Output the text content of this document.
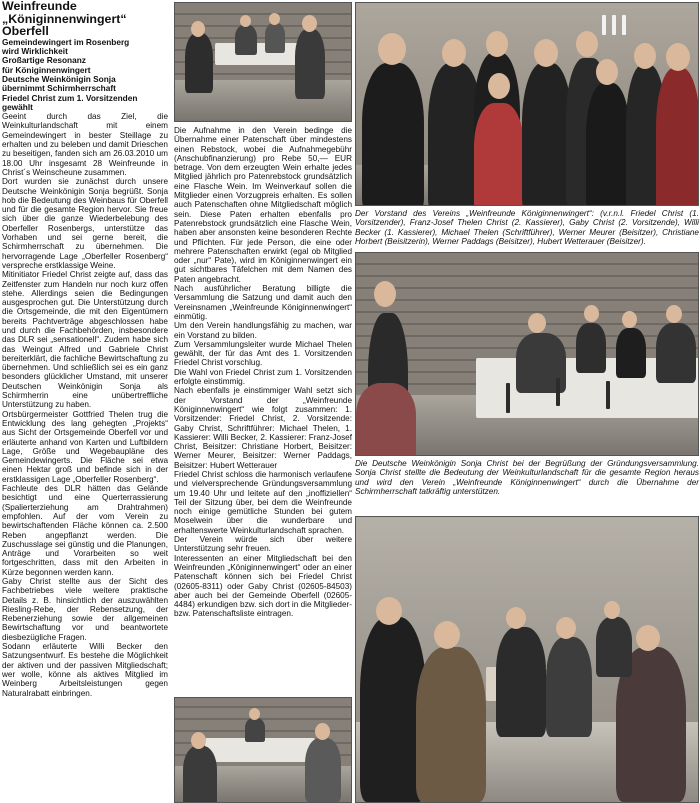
Weinfreunde
„Königinnenwingert“ Oberfell
Gemeindewingert im Rosenberg
wird Wirklichkeit
Großartige Resonanz
für Königinnenwingert
Deutsche Weinkönigin Sonja
übernimmt Schirmherrschaft
Friedel Christ zum 1. Vorsitzenden
gewählt

Geeint durch das Ziel, die Weinkulturlandschaft mit einem Gemeindewingert in bester Steillage zu erhalten und zu beleben und damit Drieschen zu beseitigen, fanden sich am 26.03.2010 um 18.00 Uhr insgesamt 28 Weinfreunde in Christ´s Weinscheune zusammen.

Dort wurden sie zunächst durch unsere Deutsche Weinkönigin Sonja begrüßt. Sonja hob die Bedeutung des Weinbaus für Oberfell und für die gesamte Region hervor. Sie freue sich über die ganze Wiederbelebung des Oberfeller Rosenbergs, unterstütze das Vorhaben und sei gerne bereit, die Schirmherrschaft zu übernehmen. Die hervorragende Lage „Oberfeller Rosenberg“ verspreche erstklassige Weine.

Mitinitiator Friedel Christ zeigte auf, dass das Zeitfenster zum Handeln nur noch kurz offen stehe. Allerdings seien die Bedingungen ausgesprochen gut. Die Unterstützung durch die Ortsgemeinde, die mit den Eigentümern bereits Pachtverträge abgeschlossen habe und durch die Fachbehörden, insbesondere das DLR sei „sensationell“. Zudem habe sich das Weingut Alfred und Gabriele Christ bereiterklärt, die fachliche Bewirtschaftung zu übernehmen. Und schließlich sei es ein ganz besonders glücklicher Umstand, mit unserer Deutschen Weinkönigin Sonja als Schirmherrin eine unübertreffliche Unterstützung zu haben.

Ortsbürgermeister Gottfried Thelen trug die Entwicklung des lang gehegten „Projekts“ aus Sicht der Ortsgemeinde Oberfell vor und erläuterte anhand von Karten und Luftbildern Lage, Größe und Wegebaupläne des Gemeindewingerts. Die Fläche sei etwa einen Hektar groß und befinde sich in der erstklassigen Lage „Oberfeller Rosenberg“.

Fachleute des DLR hätten das Gelände besichtigt und eine Querterrassierung (Spalierterziehung am Drahtrahmen) empfohlen. Auf der vom Verein zu bewirtschaftenden Fläche können ca. 2.500 Reben angepflanzt werden. Die Zuschusslage sei günstig und die Planungen, Anträge und Vorarbeiten so weit fortgeschritten, dass mit den Arbeiten in Kürze begonnen werden kann.

Gaby Christ stellte aus der Sicht des Fachbetriebes viele weitere praktische Details z. B. hinsichtlich der auszuwählten Riesling-Rebe, der Rebensetzung, der Rebenerziehung sowie der allgemeinen Bewirtschaftung vor und beantwortete diesbezügliche Fragen.

Sodann erläuterte Willi Becker den Satzungsentwurf. Es bestehe die Möglichkeit der aktiven und der passiven Mitgliedschaft; wer wolle, könne als aktives Mitglied im Weinberg Arbeitsleistungen gegen Naturalrabatt einbringen.

Die Aufnahme in den Verein bedinge die Übernahme einer Patenschaft über mindestens einen Rebstock, wobei die Aufnahmegebühr (Anschubfinanzierung) pro Rebe 50,— EUR betrage. Von dem erzeugten Wein erhalte jedes Mitglied jährlich pro Patenrebstock grundsätzlich eine Flasche Wein. Im Weinverkauf sollen die Mitglieder einen Vorzugpreis erhalten. Es sollen auch Patenschaften ohne Mitgliedschaft möglich sein. Diese Paten erhalten ebenfalls pro Patenrebstock grundsätzlich eine Flasche Wein, haben aber ansonsten keine besonderen Rechte und Pflichten. Für jede Person, die eine oder mehrere Patenschaften erwirkt (egal ob Mitglied oder „nur“ Pate), wird im Königinnenwingert ein gut sichtbares Täfelchen mit dem Namen des Paten angebracht.

Nach ausführlicher Beratung billigte die Versammlung die Satzung und damit auch den Vereinsnamen „Weinfreunde Königinnenwingert“ einmütig.

Um den Verein handlungsfähig zu machen, war ein Vorstand zu bilden.

Zum Versammlungsleiter wurde Michael Thelen gewählt, der für das Amt des 1. Vorsitzenden Friedel Christ vorschlug.

Die Wahl von Friedel Christ zum 1. Vorsitzenden erfolgte einstimmig.

Nach ebenfalls je einstimmiger Wahl setzt sich der Vorstand der „Weinfreunde Königinnenwingert“ wie folgt zusammen: 1. Vorsitzender: Friedel Christ, 2. Vorsitzende: Gaby Christ, Schriftführer: Michael Thelen, 1. Kassierer: Willi Becker, 2. Kassierer: Franz-Josef Christ, Beisitzer: Christiane Horbert, Beisitzer: Werner Meurer, Beisitzer: Werner Paddags, Beisitzer: Hubert Wetterauer

Friedel Christ schloss die harmonisch verlaufene und vielversprechende Gründungsversammlung um 19.40 Uhr und leitete auf den „inoffiziellen“ Teil der Sitzung über, bei dem die Weinfreunde noch einige gemütliche Stunden bei gutem Moselwein über die wunderbare und erhaltenswerte Weinkulturlandschaft sprachen.

Der Verein würde sich über weitere Unterstützung sehr freuen.

Interessenten an einer Mitgliedschaft bei den Weinfreunden „Königinnenwingert“ oder an einer Patenschaft können sich bei Friedel Christ (02605-8311) oder Gaby Christ (02605-84503) aber auch bei der Gemeinde Oberfell (02605-4484) erkundigen bzw. sich dort in die Mitglieder- bzw. Patenschaftsliste eintragen.

Der Vorstand des Vereins „Weinfreunde Königinnenwingert“: (v.r.n.l. Friedel Christ (1. Vorsitzender), Franz-Josef Thelen Christ (2. Kassierer), Gaby Christ (2. Vorsitzende), Willi Becker (1. Kassierer), Michael Thelen (Schriftführer), Werner Meurer (Beisitzer), Christiane Horbert (Beisitzerin), Werner Paddags (Beisitzer), Hubert Wetterauer (Beisitzer).
Die Deutsche Weinkönigin Sonja Christ bei der Begrüßung der Gründungsversammlung. Sonja Christ stellte die Bedeutung der Weinkulturlandschaft für die gesamte Region heraus und wird den Verein „Weinfreunde Königinnenwingert“ durch die Übernahme der Schirmherrschaft tatkräftig unterstützen.
